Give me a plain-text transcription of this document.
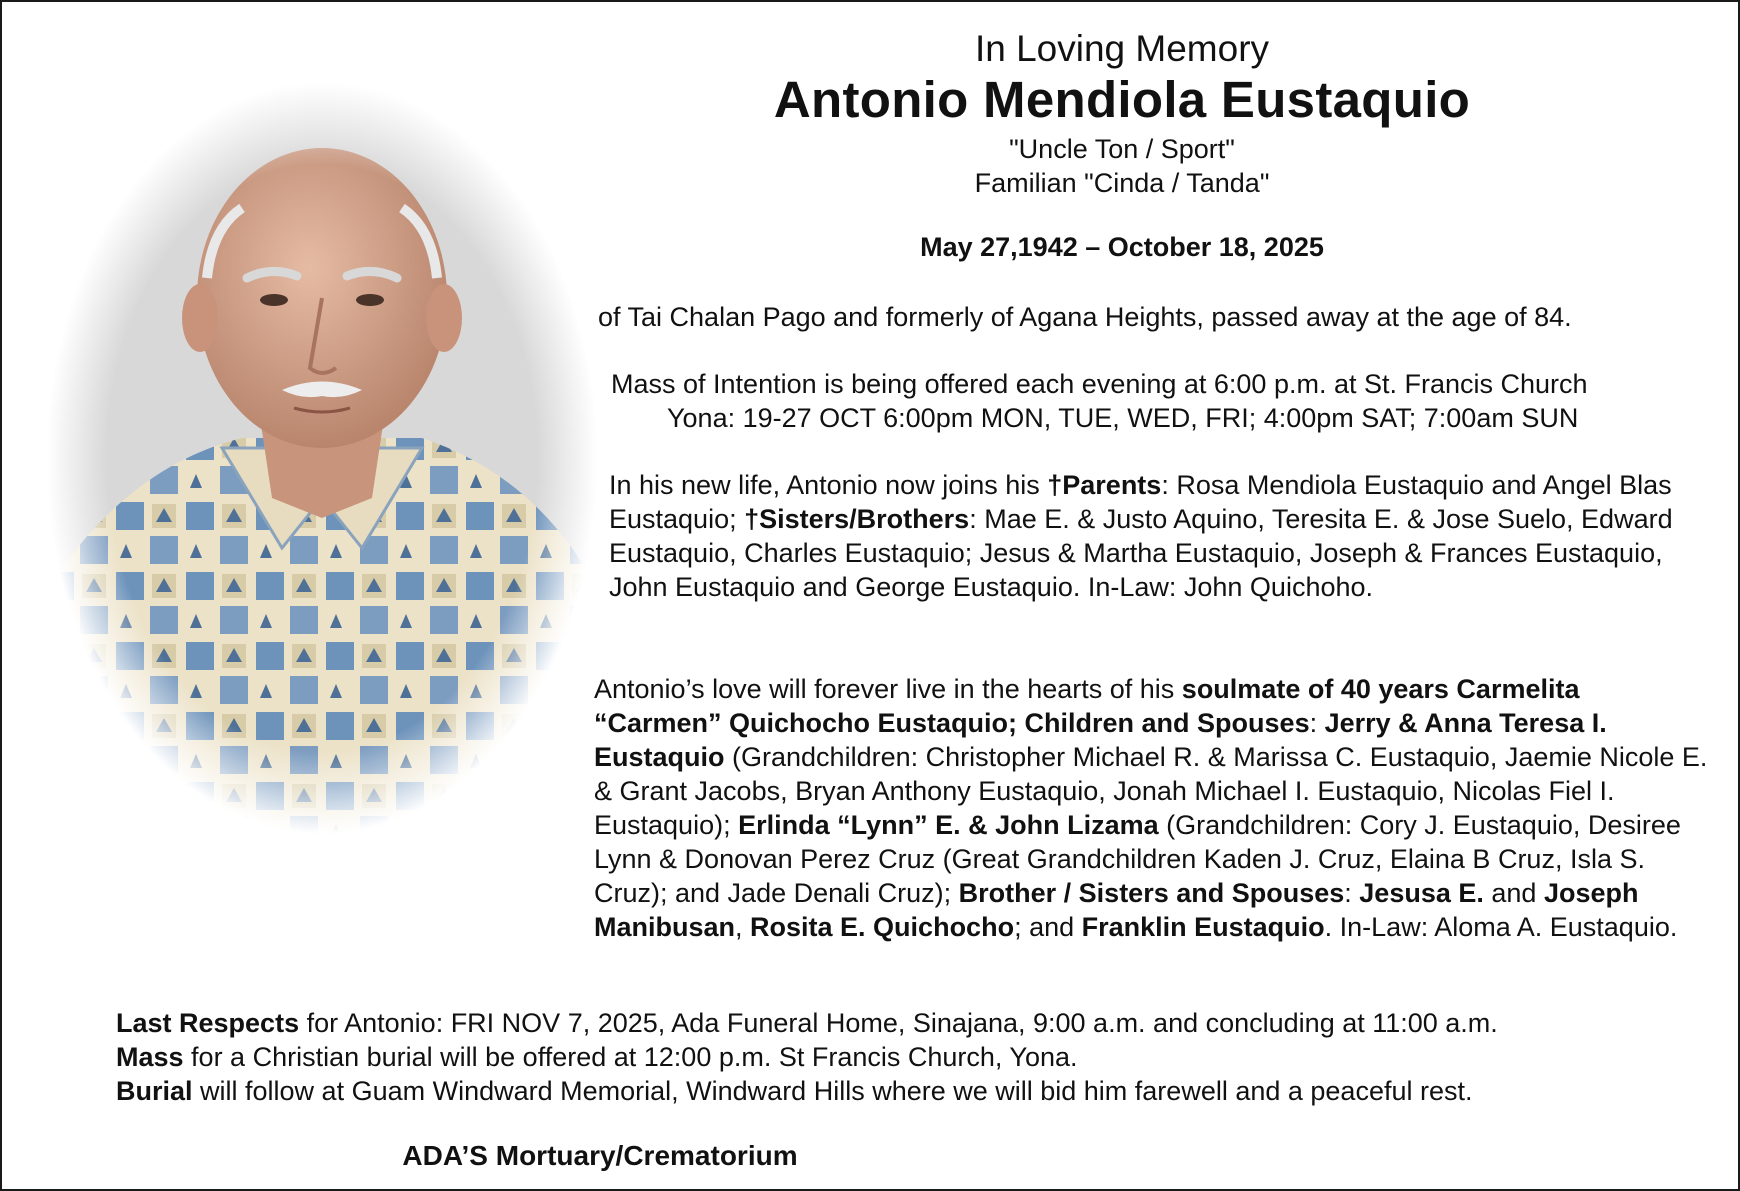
In Loving Memory
Antonio Mendiola Eustaquio
"Uncle Ton / Sport"
Familian "Cinda / Tanda"
May 27,1942 – October 18, 2025

of Tai Chalan Pago and formerly of Agana Heights, passed away at the age of 84.

Mass of Intention is being offered each evening at 6:00 p.m. at St. Francis Church
Yona: 19-27 OCT 6:00pm MON, TUE, WED, FRI; 4:00pm SAT; 7:00am SUN

In his new life, Antonio now joins his †Parents: Rosa Mendiola Eustaquio and Angel Blas Eustaquio; †Sisters/Brothers: Mae E. & Justo Aquino, Teresita E. & Jose Suelo, Edward Eustaquio, Charles Eustaquio; Jesus & Martha Eustaquio, Joseph & Frances Eustaquio, John Eustaquio and George Eustaquio. In-Law: John Quichoho.

Antonio’s love will forever live in the hearts of his soulmate of 40 years Carmelita “Carmen” Quichocho Eustaquio; Children and Spouses: Jerry & Anna Teresa I. Eustaquio (Grandchildren: Christopher Michael R. & Marissa C. Eustaquio, Jaemie Nicole E. & Grant Jacobs, Bryan Anthony Eustaquio, Jonah Michael I. Eustaquio, Nicolas Fiel I. Eustaquio); Erlinda “Lynn” E. & John Lizama (Grandchildren: Cory J. Eustaquio, Desiree Lynn & Donovan Perez Cruz (Great Grandchildren Kaden J. Cruz, Elaina B Cruz, Isla S. Cruz); and Jade Denali Cruz); Brother / Sisters and Spouses: Jesusa E. and Joseph Manibusan, Rosita E. Quichocho; and Franklin Eustaquio. In-Law: Aloma A. Eustaquio.

Last Respects for Antonio: FRI NOV 7, 2025, Ada Funeral Home, Sinajana, 9:00 a.m. and concluding at 11:00 a.m.
Mass for a Christian burial will be offered at 12:00 p.m. St Francis Church, Yona.
Burial will follow at Guam Windward Memorial, Windward Hills where we will bid him farewell and a peaceful rest.
ADA’S Mortuary/Crematorium
